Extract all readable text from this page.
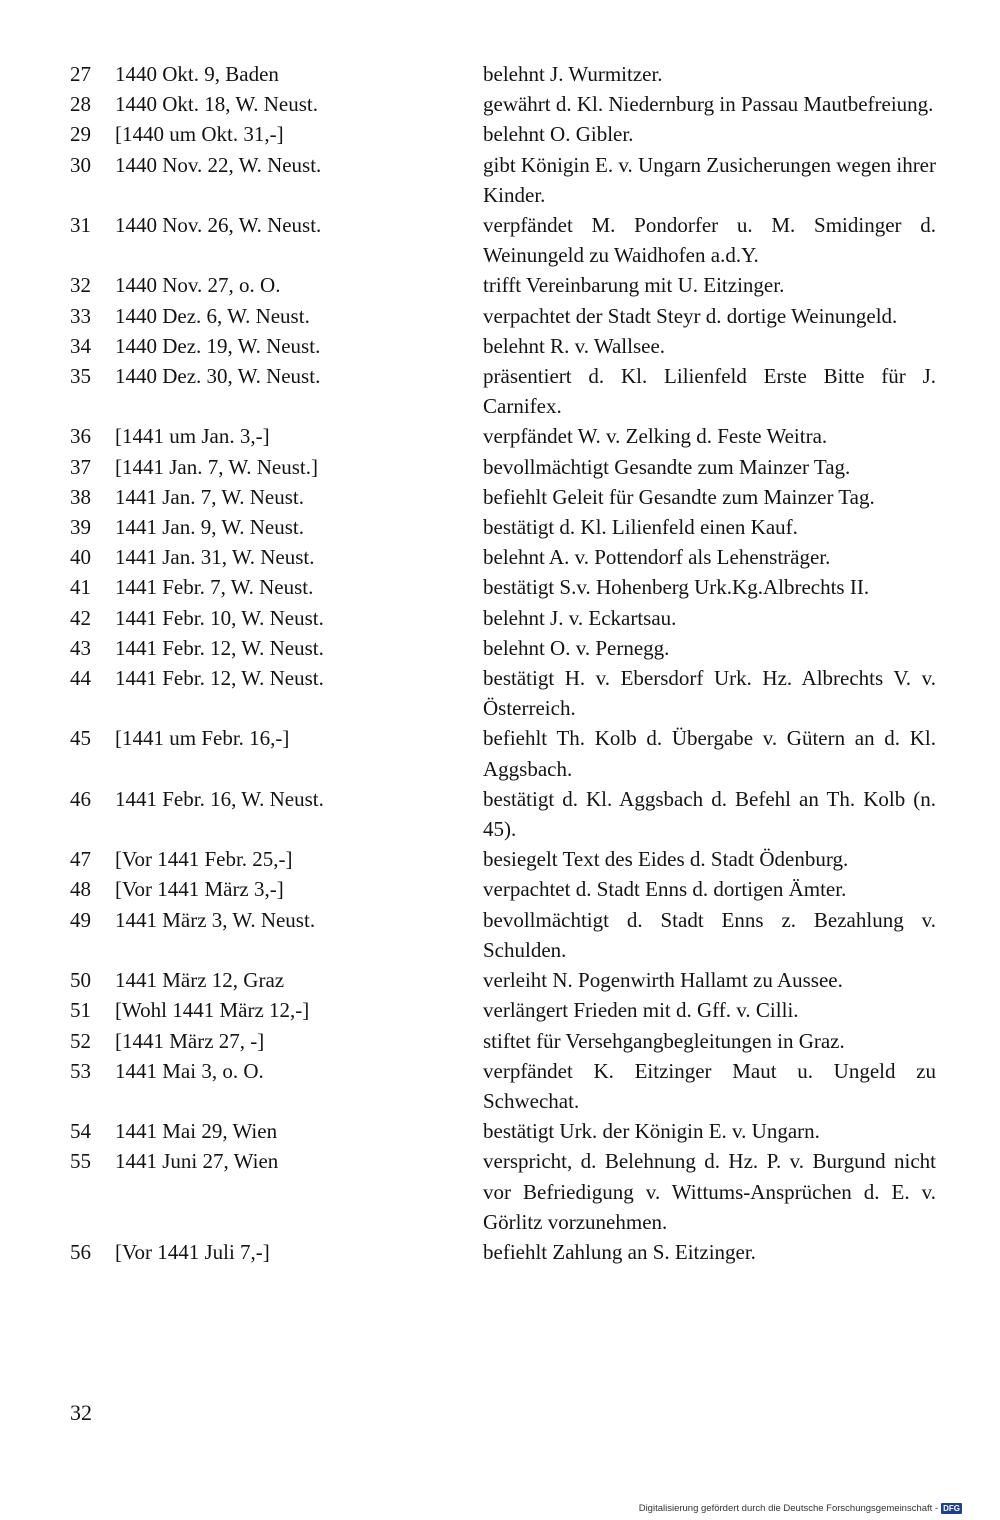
27	1440 Okt. 9, Baden	belehnt J. Wurmitzer.
28	1440 Okt. 18, W. Neust.	gewährt d. Kl. Niedernburg in Passau Mautbefreiung.
29	[1440 um Okt. 31,-]	belehnt O. Gibler.
30	1440 Nov. 22, W. Neust.	gibt Königin E. v. Ungarn Zusicherungen wegen ihrer Kinder.
31	1440 Nov. 26, W. Neust.	verpfändet M. Pondorfer u. M. Smidinger d. Weinungeld zu Waidhofen a.d.Y.
32	1440 Nov. 27, o. O.	trifft Vereinbarung mit U. Eitzinger.
33	1440 Dez. 6, W. Neust.	verpachtet der Stadt Steyr d. dortige Weinungeld.
34	1440 Dez. 19, W. Neust.	belehnt R. v. Wallsee.
35	1440 Dez. 30, W. Neust.	präsentiert d. Kl. Lilienfeld Erste Bitte für J. Carnifex.
36	[1441 um Jan. 3,-]	verpfändet W. v. Zelking d. Feste Weitra.
37	[1441 Jan. 7, W. Neust.]	bevollmächtigt Gesandte zum Mainzer Tag.
38	1441 Jan. 7, W. Neust.	befiehlt Geleit für Gesandte zum Mainzer Tag.
39	1441 Jan. 9, W. Neust.	bestätigt d. Kl. Lilienfeld einen Kauf.
40	1441 Jan. 31, W. Neust.	belehnt A. v. Pottendorf als Lehensträger.
41	1441 Febr. 7, W. Neust.	bestätigt S.v. Hohenberg Urk.Kg.Albrechts II.
42	1441 Febr. 10, W. Neust.	belehnt J. v. Eckartsau.
43	1441 Febr. 12, W. Neust.	belehnt O. v. Pernegg.
44	1441 Febr. 12, W. Neust.	bestätigt H. v. Ebersdorf Urk. Hz. Albrechts V. v. Österreich.
45	[1441 um Febr. 16,-]	befiehlt Th. Kolb d. Übergabe v. Gütern an d. Kl. Aggsbach.
46	1441 Febr. 16, W. Neust.	bestätigt d. Kl. Aggsbach d. Befehl an Th. Kolb (n. 45).
47	[Vor 1441 Febr. 25,-]	besiegelt Text des Eides d. Stadt Ödenburg.
48	[Vor 1441 März 3,-]	verpachtet d. Stadt Enns d. dortigen Ämter.
49	1441 März 3, W. Neust.	bevollmächtigt d. Stadt Enns z. Bezahlung v. Schulden.
50	1441 März 12, Graz	verleiht N. Pogenwirth Hallamt zu Aussee.
51	[Wohl 1441 März 12,-]	verlängert Frieden mit d. Gff. v. Cilli.
52	[1441 März 27, -]	stiftet für Versehgangbegleitungen in Graz.
53	1441 Mai 3, o. O.	verpfändet K. Eitzinger Maut u. Ungeld zu Schwechat.
54	1441 Mai 29, Wien	bestätigt Urk. der Königin E. v. Ungarn.
55	1441 Juni 27, Wien	verspricht, d. Belehnung d. Hz. P. v. Burgund nicht vor Befriedigung v. Wittums-Ansprüchen d. E. v. Görlitz vorzunehmen.
56	[Vor 1441 Juli 7,-]	befiehlt Zahlung an S. Eitzinger.
32
Digitalisierung gefördert durch die Deutsche Forschungsgemeinschaft - DFG
